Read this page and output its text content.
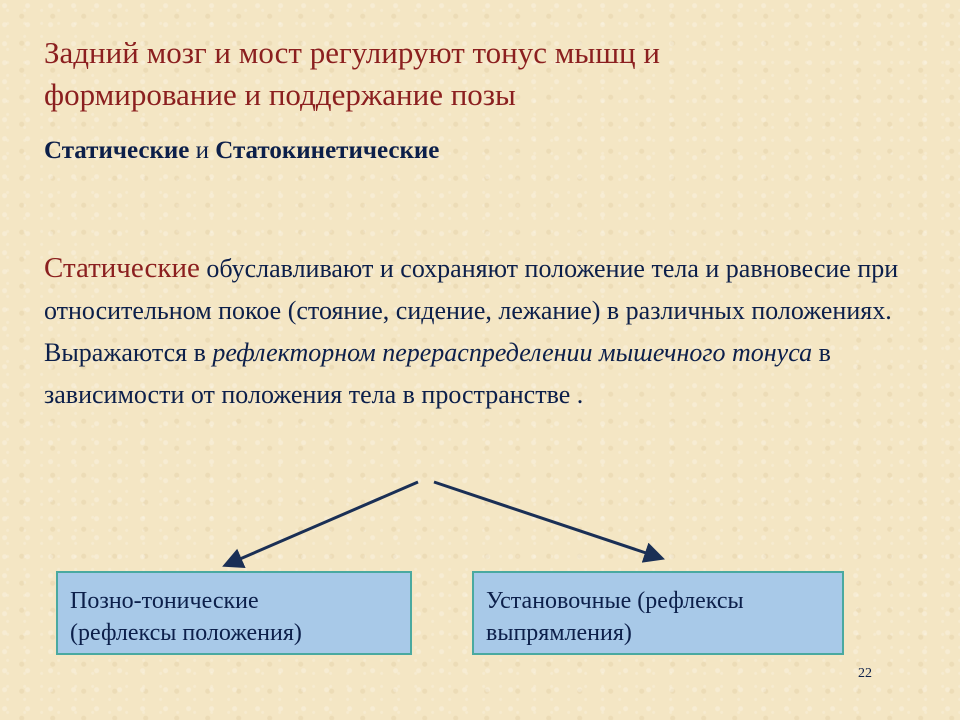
Задний мозг и мост регулируют тонус мышц и
формирование и поддержание позы
Статические и Статокинетические
Статические обуславливают и сохраняют положение тела и равновесие при относительном покое (стояние, сидение, лежание) в различных положениях. Выражаются в рефлекторном перераспределении мышечного тонуса в зависимости от положения тела в пространстве .
Позно-тонические
(рефлексы положения)
Установочные (рефлексы
выпрямления)
22
